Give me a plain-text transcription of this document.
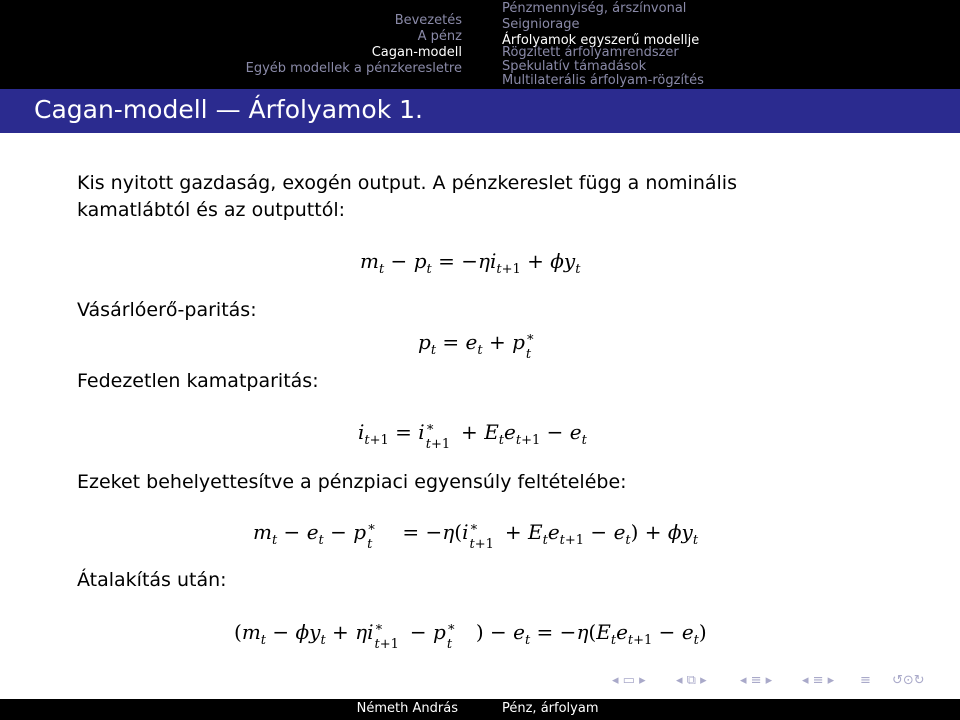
Bevezetés
A pénz
Cagan-modell
Egyéb modellek a pénzkeresletre
Pénzmennyiség, árszínvonal
Seigniorage
Árfolyamok egyszerű modellje
Rögzített árfolyamrendszer
Spekulatív támadások
Multilaterális árfolyam-rögzítés
Cagan-modell — Árfolyamok 1.
Kis nyitott gazdaság, exogén output. A pénzkereslet függ a nominális
kamatlábtól és az outputtól:
$m_t - p_t = -\eta i_{t+1} + \phi y_t$
Vásárlóerő-paritás:
$p_t = e_t + p$ ∗
t
Fedezetlen kamatparitás:
$i_{t+1} = i$ ∗
t+1
+ $E_te_{t+1} - e_t$
Ezeket behelyettesítve a pénzpiaci egyensúly feltételébe:
$m_t - e_t - p$ ∗
t
= −η(i ∗
t+1
+ $E_te_{t+1} - e_t) + \phi y_t$
Átalakítás után:
($m_t - \phi y_t + \eta i$ ∗
t+1
− p ∗
t
) − $e_t = -\eta(E_te_{t+1} - e_t)$
◂ ▭ ▸ ◂ ⧉ ▸	◂ ≡ ▸ ◂ ≡ ▸ ≡ ↺⊙↻
Németh András	Pénz, árfolyam
